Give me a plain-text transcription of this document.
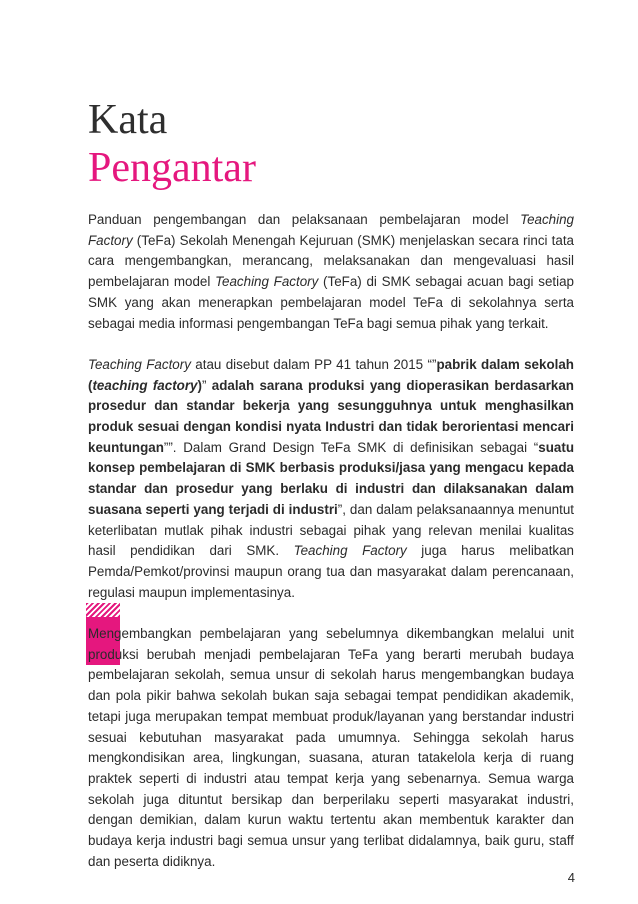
Kata
Pengantar

Panduan pengembangan dan pelaksanaan pembelajaran model Teaching Factory (TeFa) Sekolah Menengah Kejuruan (SMK) menjelaskan secara rinci tata cara mengembangkan, merancang, melaksanakan dan mengevaluasi hasil pembelajaran model Teaching Factory (TeFa) di SMK sebagai acuan bagi setiap SMK yang akan menerapkan pembelajaran model TeFa di sekolahnya serta sebagai media informasi pengembangan TeFa bagi semua pihak yang terkait.

Teaching Factory atau disebut dalam PP 41 tahun 2015 “”pabrik dalam sekolah (teaching factory)” adalah sarana produksi yang dioperasikan berdasarkan prosedur dan standar bekerja yang sesungguhnya untuk menghasilkan produk sesuai dengan kondisi nyata Industri dan tidak berorientasi mencari keuntungan””. Dalam Grand Design TeFa SMK di definisikan sebagai “suatu konsep pembelajaran di SMK berbasis produksi/jasa yang mengacu kepada standar dan prosedur yang berlaku di industri dan dilaksanakan dalam suasana seperti yang terjadi di industri”, dan dalam pelaksanaannya menuntut keterlibatan mutlak pihak industri sebagai pihak yang relevan menilai kualitas hasil pendidikan dari SMK. Teaching Factory juga harus melibatkan Pemda/Pemkot/provinsi maupun orang tua dan masyarakat dalam perencanaan, regulasi maupun implementasinya.

Mengembangkan pembelajaran yang sebelumnya dikembangkan melalui unit produksi berubah menjadi pembelajaran TeFa yang berarti merubah budaya pembelajaran sekolah, semua unsur di sekolah harus mengembangkan budaya dan pola pikir bahwa sekolah bukan saja sebagai tempat pendidikan akademik, tetapi juga merupakan tempat membuat produk/layanan yang berstandar industri sesuai kebutuhan masyarakat pada umumnya. Sehingga sekolah harus mengkondisikan area, lingkungan, suasana, aturan tatakelola kerja di ruang praktek seperti di industri atau tempat kerja yang sebenarnya. Semua warga sekolah juga dituntut bersikap dan berperilaku seperti masyarakat industri, dengan demikian, dalam kurun waktu tertentu akan membentuk karakter dan budaya kerja industri bagi semua unsur yang terlibat didalamnya, baik guru, staff dan peserta didiknya.

4
